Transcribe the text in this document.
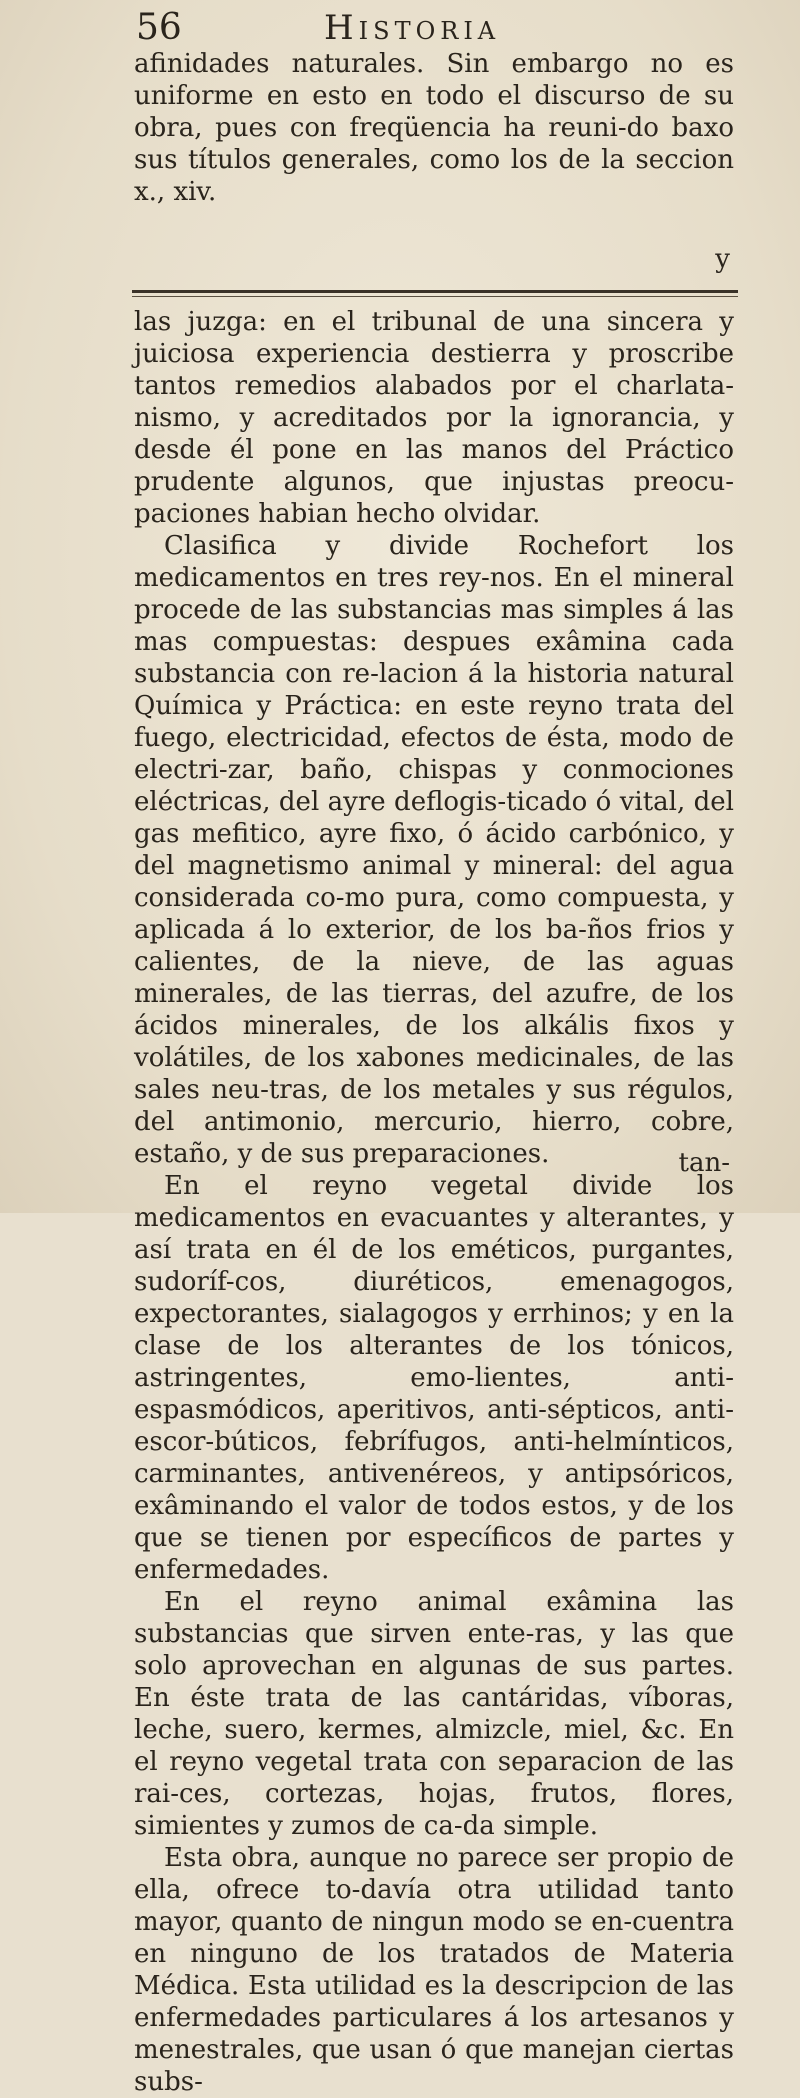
56	Historia

afinidades naturales. Sin embargo no es uniforme en esto en todo el discurso de su obra, pues con freqüencia ha reuni-do baxo sus títulos generales, como los de la seccion x., xiv.

y

las juzga: en el tribunal de una sincera y juiciosa experiencia destierra y proscribe tantos remedios alabados por el charlata-nismo, y acreditados por la ignorancia, y desde él pone en las manos del Práctico prudente algunos, que injustas preocu-paciones habian hecho olvidar.

Clasifica y divide Rochefort los medicamentos en tres rey-nos. En el mineral procede de las substancias mas simples á las mas compuestas: despues exâmina cada substancia con re-lacion á la historia natural Química y Práctica: en este reyno trata del fuego, electricidad, efectos de ésta, modo de electri-zar, baño, chispas y conmociones eléctricas, del ayre deflogis-ticado ó vital, del gas mefitico, ayre fixo, ó ácido carbónico, y del magnetismo animal y mineral: del agua considerada co-mo pura, como compuesta, y aplicada á lo exterior, de los ba-ños frios y calientes, de la nieve, de las aguas minerales, de las tierras, del azufre, de los ácidos minerales, de los alkális fixos y volátiles, de los xabones medicinales, de las sales neu-tras, de los metales y sus régulos, del antimonio, mercurio, hierro, cobre, estaño, y de sus preparaciones.

En el reyno vegetal divide los medicamentos en evacuantes y alterantes, y así trata en él de los eméticos, purgantes, sudoríf-cos, diuréticos, emenagogos, expectorantes, sialagogos y errhinos; y en la clase de los alterantes de los tónicos, astringentes, emo-lientes, anti-espasmódicos, aperitivos, anti-sépticos, anti-escor-búticos, febrífugos, anti-helmínticos, carminantes, antivenéreos, y antipsóricos, exâminando el valor de todos estos, y de los que se tienen por específicos de partes y enfermedades.

En el reyno animal exâmina las substancias que sirven ente-ras, y las que solo aprovechan en algunas de sus partes. En éste trata de las cantáridas, víboras, leche, suero, kermes, almizcle, miel, &c. En el reyno vegetal trata con separacion de las rai-ces, cortezas, hojas, frutos, flores, simientes y zumos de ca-da simple.

Esta obra, aunque no parece ser propio de ella, ofrece to-davía otra utilidad tanto mayor, quanto de ningun modo se en-cuentra en ninguno de los tratados de Materia Médica. Esta utilidad es la descripcion de las enfermedades particulares á los artesanos y menestrales, que usan ó que manejan ciertas subs-

tan-
